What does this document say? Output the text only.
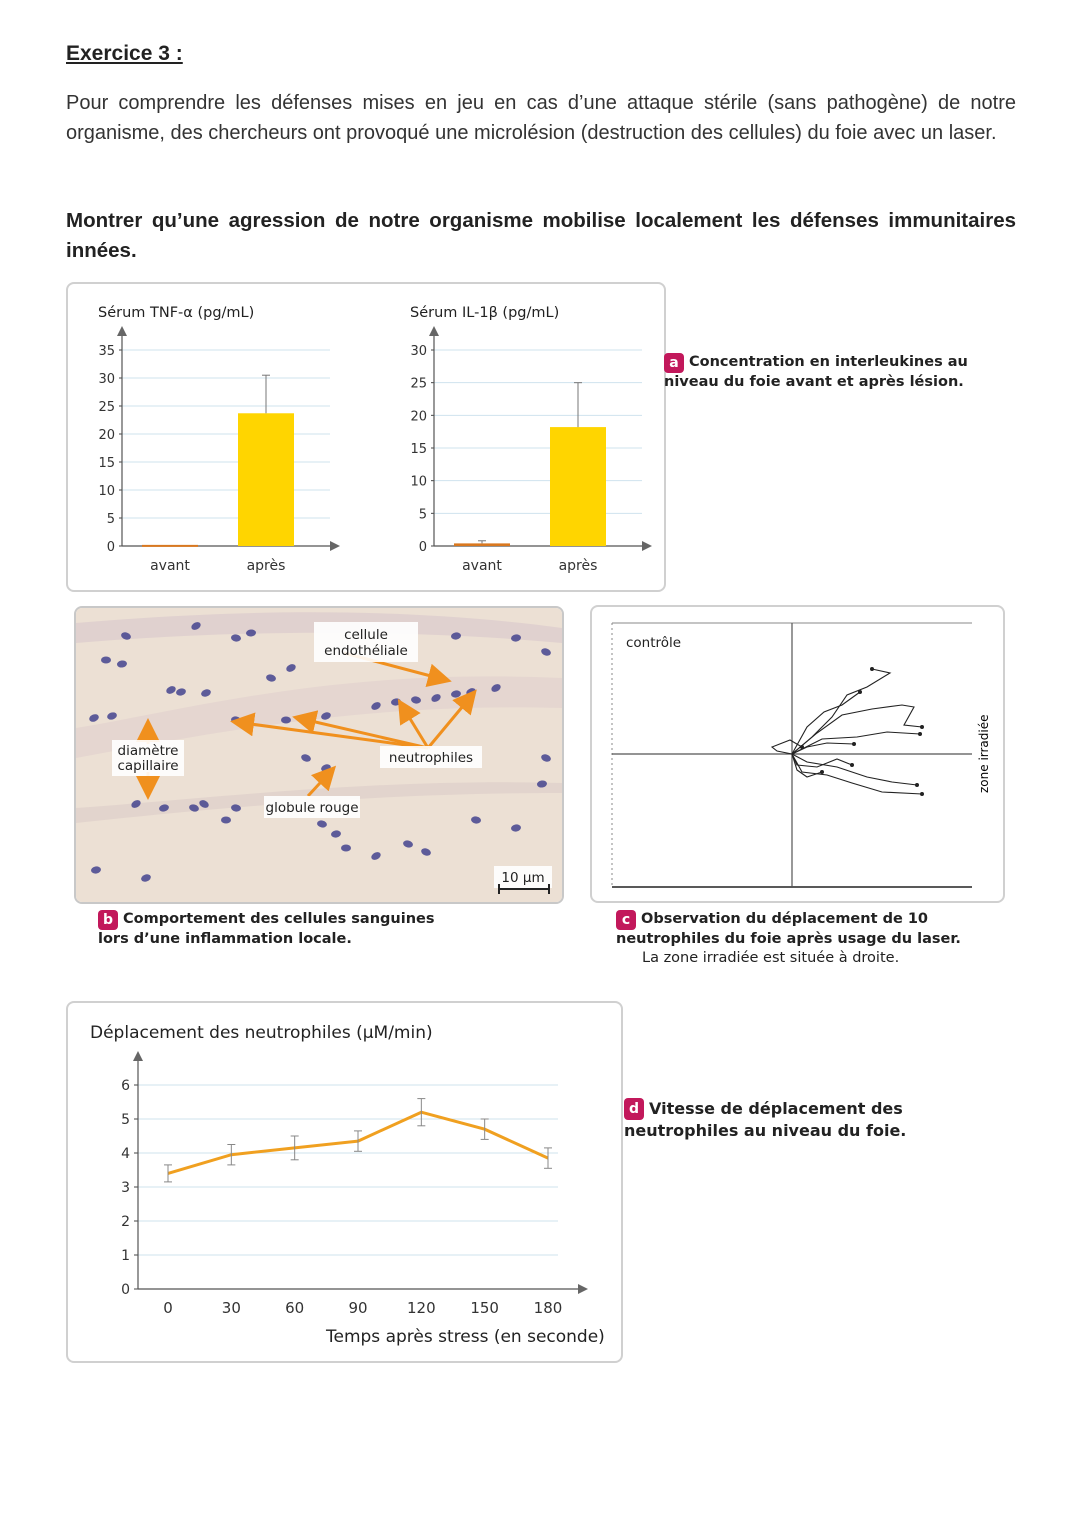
Exercice 3 :
Pour comprendre les défenses mises en jeu en cas d’une attaque stérile (sans pathogène) de notre organisme, des chercheurs ont provoqué une microlésion (destruction des cellules) du foie avec un laser.
Montrer qu’une agression de notre organisme mobilise localement les défenses immunitaires innées.
Sérum TNF-α (pg/mL)
0
5
10
15
20
25
30
35
avant	après
Sérum IL-1β (pg/mL)
0
5
10
15
20
25
30
avant	après
a Concentration en interleukines au niveau du foie avant et après lésion.
cellule
endothéliale
diamètre
capillaire	neutrophiles
globule rouge
10 µm
b Comportement des cellules sanguines lors d’une inflammation locale.
contrôle
zone irradiée
c Observation du déplacement de 10 neutrophiles du foie après usage du laser.
La zone irradiée est située à droite.
Déplacement des neutrophiles (µM/min)
0
1
2
3
4
5
6
0	30	60	90	120 150 180
Temps après stress (en seconde)
d Vitesse de déplacement des neutrophiles au niveau du foie.
